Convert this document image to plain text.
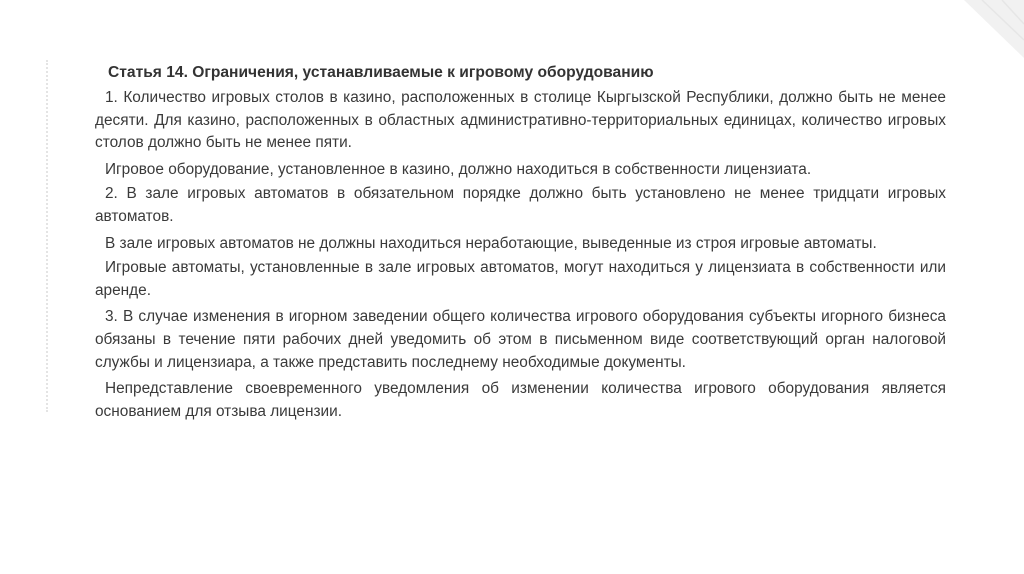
Статья 14. Ограничения, устанавливаемые к игровому оборудованию

1. Количество игровых столов в казино, расположенных в столице Кыргызской Республики, должно быть не менее десяти. Для казино, расположенных в областных административно-территориальных единицах, количество игровых столов должно быть не менее пяти.

Игровое оборудование, установленное в казино, должно находиться в собственности лицензиата.

2. В зале игровых автоматов в обязательном порядке должно быть установлено не менее тридцати игровых автоматов.

В зале игровых автоматов не должны находиться неработающие, выведенные из строя игровые автоматы.

Игровые автоматы, установленные в зале игровых автоматов, могут находиться у лицензиата в собственности или аренде.

3. В случае изменения в игорном заведении общего количества игрового оборудования субъекты игорного бизнеса обязаны в течение пяти рабочих дней уведомить об этом в письменном виде соответствующий орган налоговой службы и лицензиара, а также представить последнему необходимые документы.

Непредставление своевременного уведомления об изменении количества игрового оборудования является основанием для отзыва лицензии.
